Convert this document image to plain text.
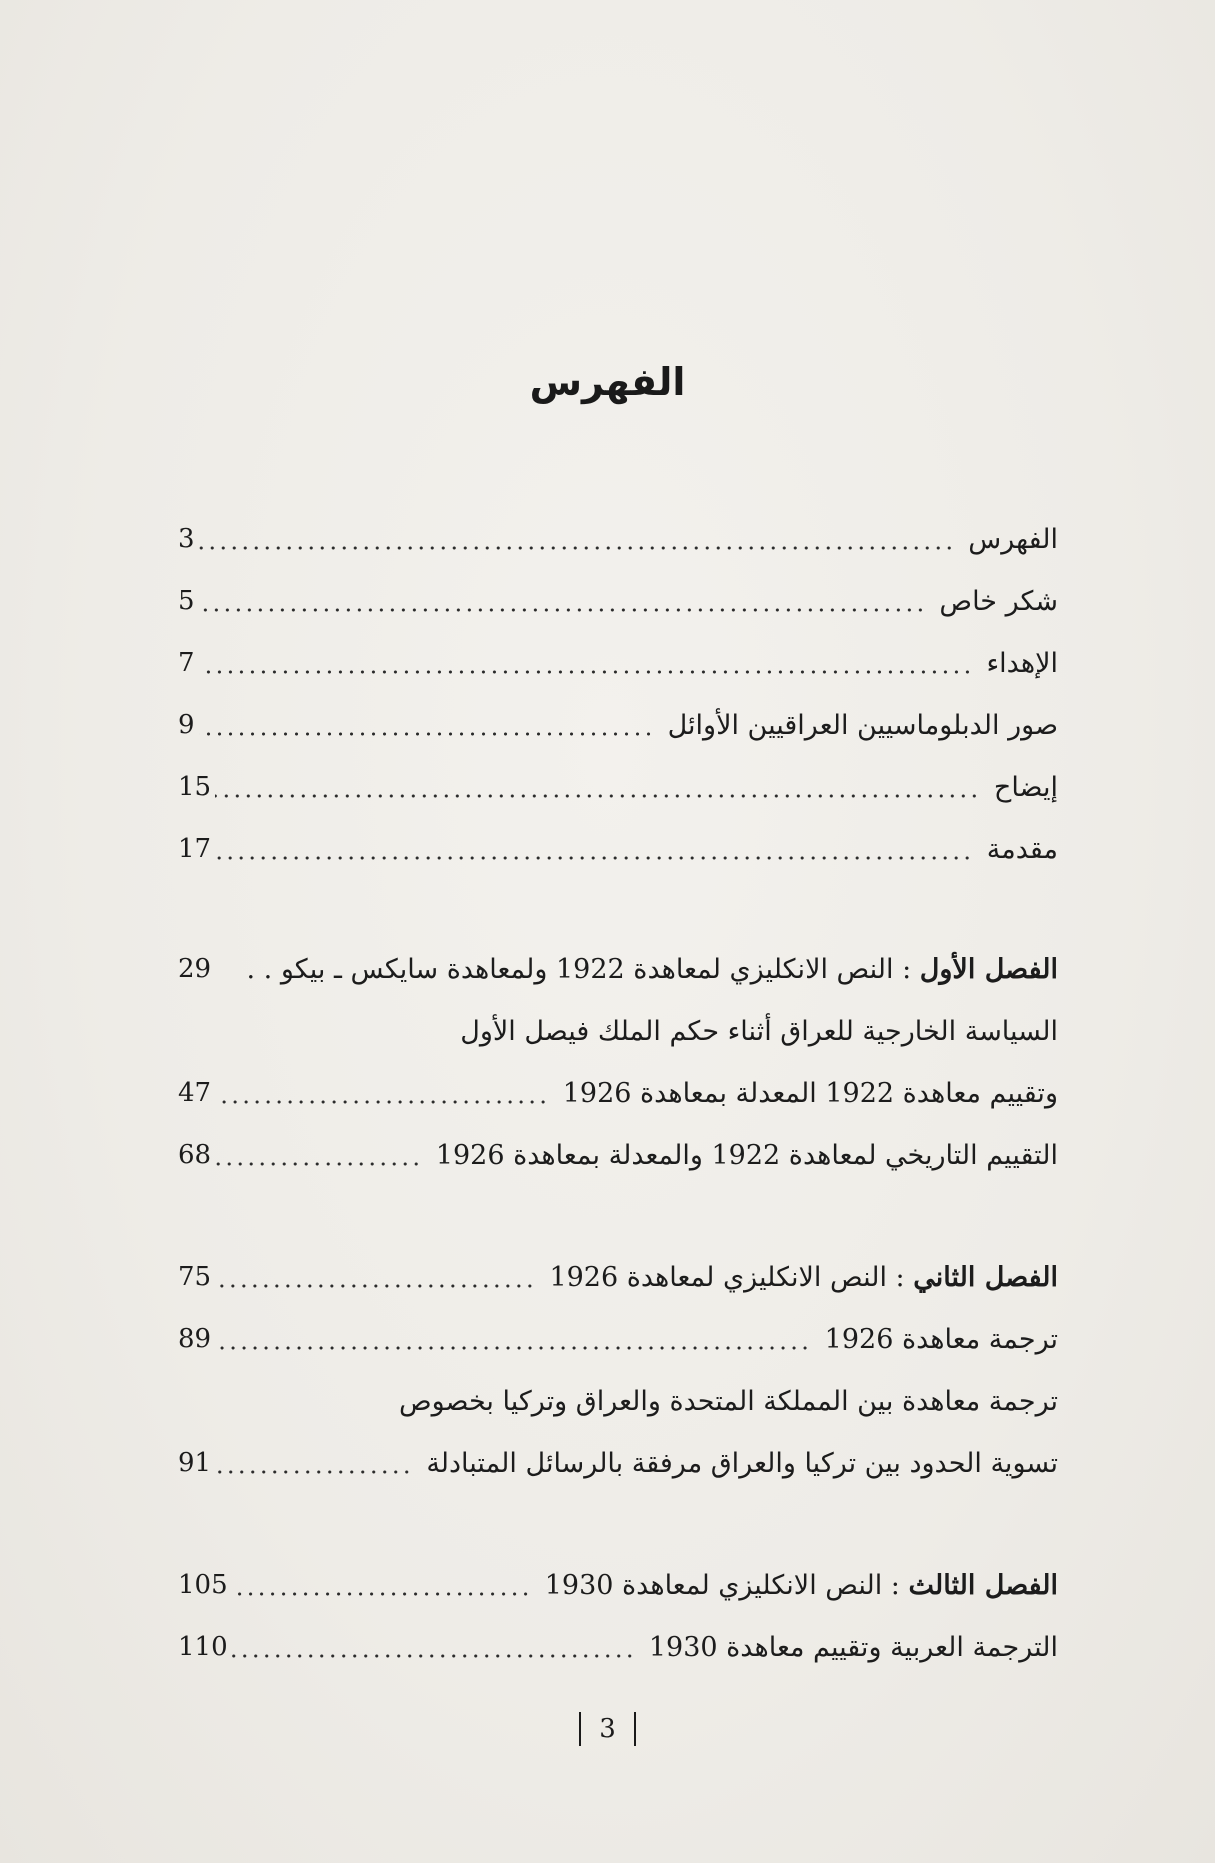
الفهرس
الفهرس
3
شكر خاص
5
الإهداء
7
صور الدبلوماسيين العراقيين الأوائل
9
إيضاح
15
مقدمة
17
الفصل الأول : النص الانكليزي لمعاهدة 1922 ولمعاهدة سايكس ـ بيكو . .
29
السياسة الخارجية للعراق أثناء حكم الملك فيصل الأول
وتقييم معاهدة 1922 المعدلة بمعاهدة 1926
47
التقييم التاريخي لمعاهدة 1922 والمعدلة بمعاهدة 1926
68
الفصل الثاني : النص الانكليزي لمعاهدة 1926
75
ترجمة معاهدة 1926
89
ترجمة معاهدة بين المملكة المتحدة والعراق وتركيا بخصوص
تسوية الحدود بين تركيا والعراق مرفقة بالرسائل المتبادلة
91
الفصل الثالث : النص الانكليزي لمعاهدة 1930
105
الترجمة العربية وتقييم معاهدة 1930
110
3
